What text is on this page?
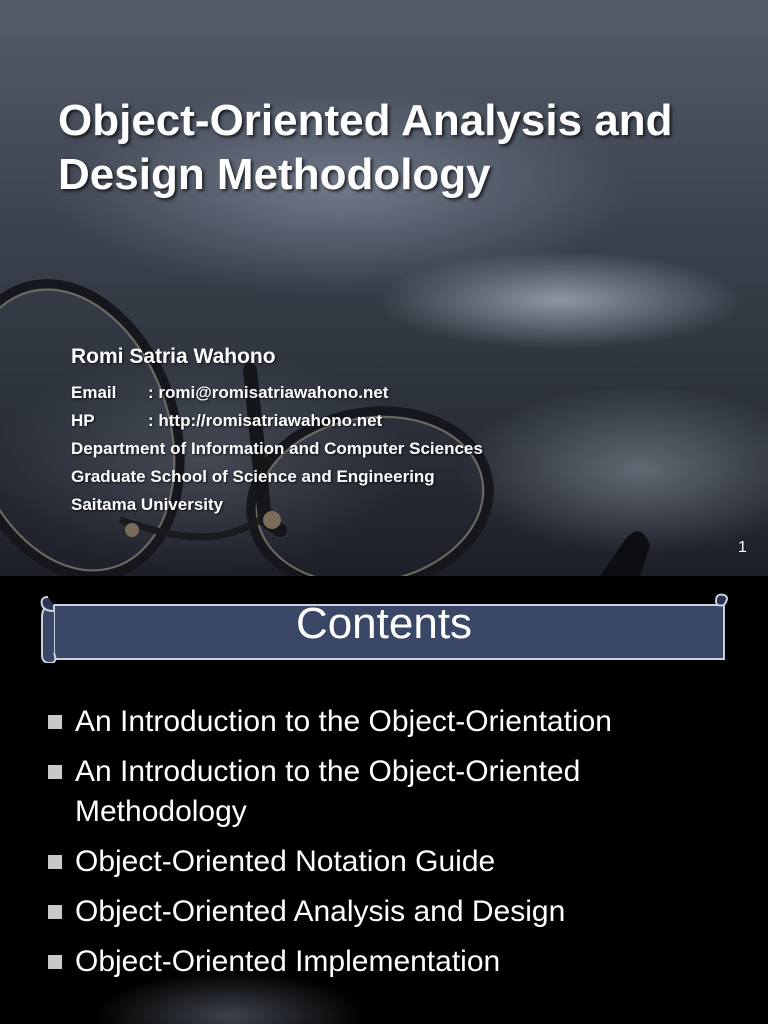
Object-Oriented Analysis and
Design Methodology

Romi Satria Wahono

Email : romi@romisatriawahono.net
HP	: http://romisatriawahono.net
Department of Information and Computer Sciences
Graduate School of Science and Engineering
Saitama University
1
Contents
An Introduction to the Object-Orientation
An Introduction to the Object-Oriented Methodology
Object-Oriented Notation Guide
Object-Oriented Analysis and Design
Object-Oriented Implementation
